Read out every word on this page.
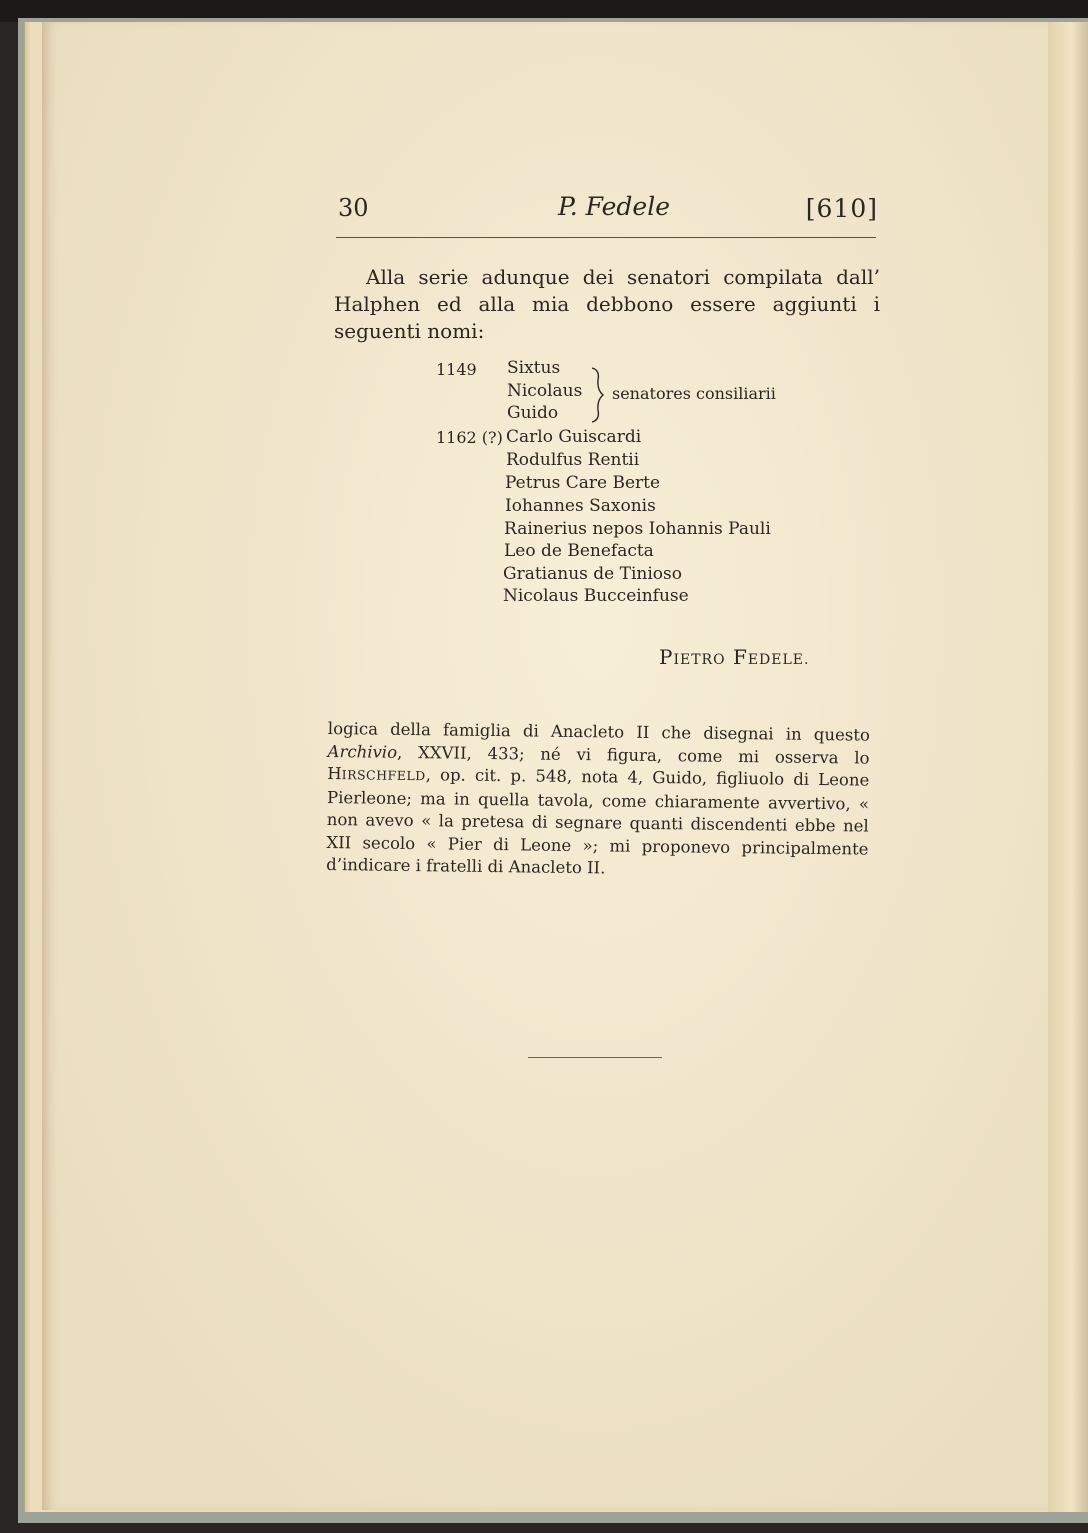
30	P. Fedele	[610]

Alla serie adunque dei senatori compilata dall’ Halphen ed alla mia debbono essere aggiunti i seguenti nomi:

1149 Sixtus
Nicolaus
Guido
senatores consiliarii
1162 (?) Carlo Guiscardi
Rodulfus Rentii
Petrus Care Berte
Iohannes Saxonis
Rainerius nepos Iohannis Pauli
Leo de Benefacta
Gratianus de Tinioso
Nicolaus Bucceinfuse
PIETRO FEDELE.

logica della famiglia di Anacleto II che disegnai in questo Archivio, XXVII, 433; né vi figura, come mi osserva lo HIRSCHFELD, op. cit. p. 548, nota 4, Guido, figliuolo di Leone Pierleone; ma in quella tavola, come chiaramente avvertivo, « non avevo « la pretesa di segnare quanti discendenti ebbe nel XII secolo « Pier di Leone »; mi proponevo principalmente d’indicare i fratelli di Anacleto II.
